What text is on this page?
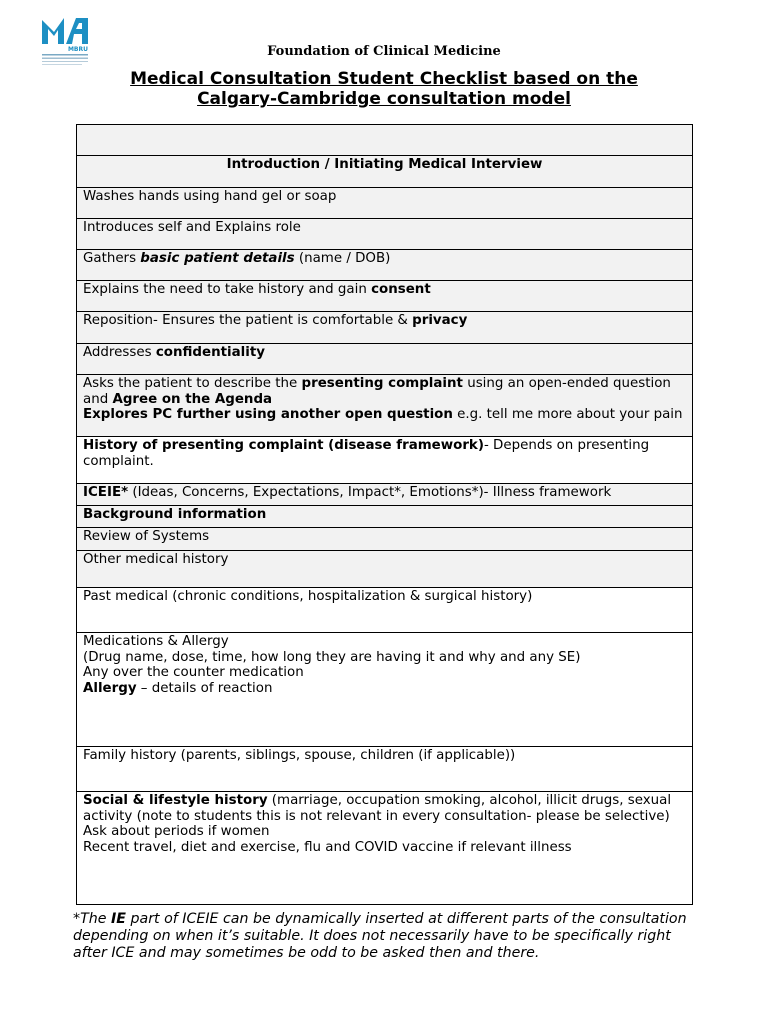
MBRU	Foundation of Clinical Medicine
Medical Consultation Student Checklist based on the
Calgary-Cambridge consultation model

Introduction / Initiating Medical Interview
Washes hands using hand gel or soap
Introduces self and Explains role
Gathers basic patient details (name / DOB)
Explains the need to take history and gain consent
Reposition- Ensures the patient is comfortable & privacy
Addresses confidentiality
Asks the patient to describe the presenting complaint using an open-ended question and Agree on the Agenda
Explores PC further using another open question e.g. tell me more about your pain
History of presenting complaint (disease framework)- Depends on presenting complaint.
ICEIE* (Ideas, Concerns, Expectations, Impact*, Emotions*)- Illness framework
Background information
Review of Systems
Other medical history
Past medical (chronic conditions, hospitalization & surgical history)
Medications & Allergy
(Drug name, dose, time, how long they are having it and why and any SE)
Any over the counter medication
Allergy – details of reaction
Family history (parents, siblings, spouse, children (if applicable))
Social & lifestyle history (marriage, occupation smoking, alcohol, illicit drugs, sexual activity (note to students this is not relevant in every consultation- please be selective)
Ask about periods if women
Recent travel, diet and exercise, flu and COVID vaccine if relevant illness
*The IE part of ICEIE can be dynamically inserted at different parts of the consultation depending on when it’s suitable. It does not necessarily have to be specifically right after ICE and may sometimes be odd to be asked then and there.
